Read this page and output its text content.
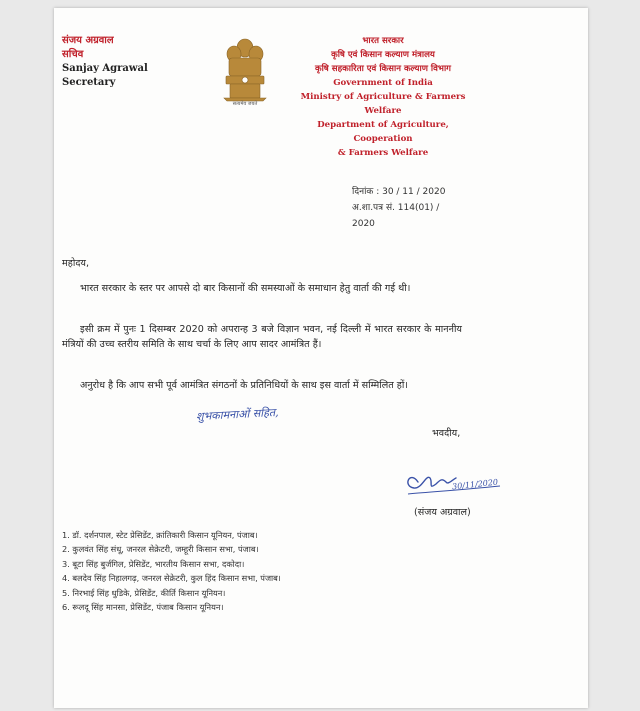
संजय अग्रवाल
सचिव
Sanjay Agrawal
Secretary
सत्यमेव जयते
भारत सरकार
कृषि एवं किसान कल्याण मंत्रालय
कृषि सहकारिता एवं किसान कल्याण विभाग
Government of India
Ministry of Agriculture & Farmers Welfare
Department of Agriculture, Cooperation
& Farmers Welfare
दिनांक : 30 / 11 / 2020
अ.शा.पत्र सं. 114(01) / 2020
महोदय,
भारत सरकार के स्तर पर आपसे दो बार किसानों की समस्याओं के समाधान हेतु वार्ता की गई थी।
इसी क्रम में पुनः 1 दिसम्बर 2020 को अपरान्ह 3 बजे विज्ञान भवन, नई दिल्ली में भारत सरकार के माननीय मंत्रियों की उच्च स्तरीय समिति के साथ चर्चा के लिए आप सादर आमंत्रित हैं।
अनुरोध है कि आप सभी पूर्व आमंत्रित संगठनों के प्रतिनिधियों के साथ इस वार्ता में सम्मिलित हों।
शुभकामनाओं सहित,
भवदीय,
30/11/2020
(संजय अग्रवाल)
1. डॉ. दर्शनपाल, स्टेट प्रेसिडेंट, क्रांतिकारी किसान यूनियन, पंजाब।
2. कुलवंत सिंह संधू, जनरल सेक्रेटरी, जम्हूरी किसान सभा, पंजाब।
3. बूटा सिंह बुर्जगिल, प्रेसिडेंट, भारतीय किसान सभा, दकोदा।
4. बलदेव सिंह निहालगढ़, जनरल सेक्रेटरी, कुल हिंद किसान सभा, पंजाब।
5. निरभाई सिंह धुडिके, प्रेसिडेंट, कीर्ति किसान यूनियन।
6. रूलदू सिंह मानसा, प्रेसिडेंट, पंजाब किसान यूनियन।
